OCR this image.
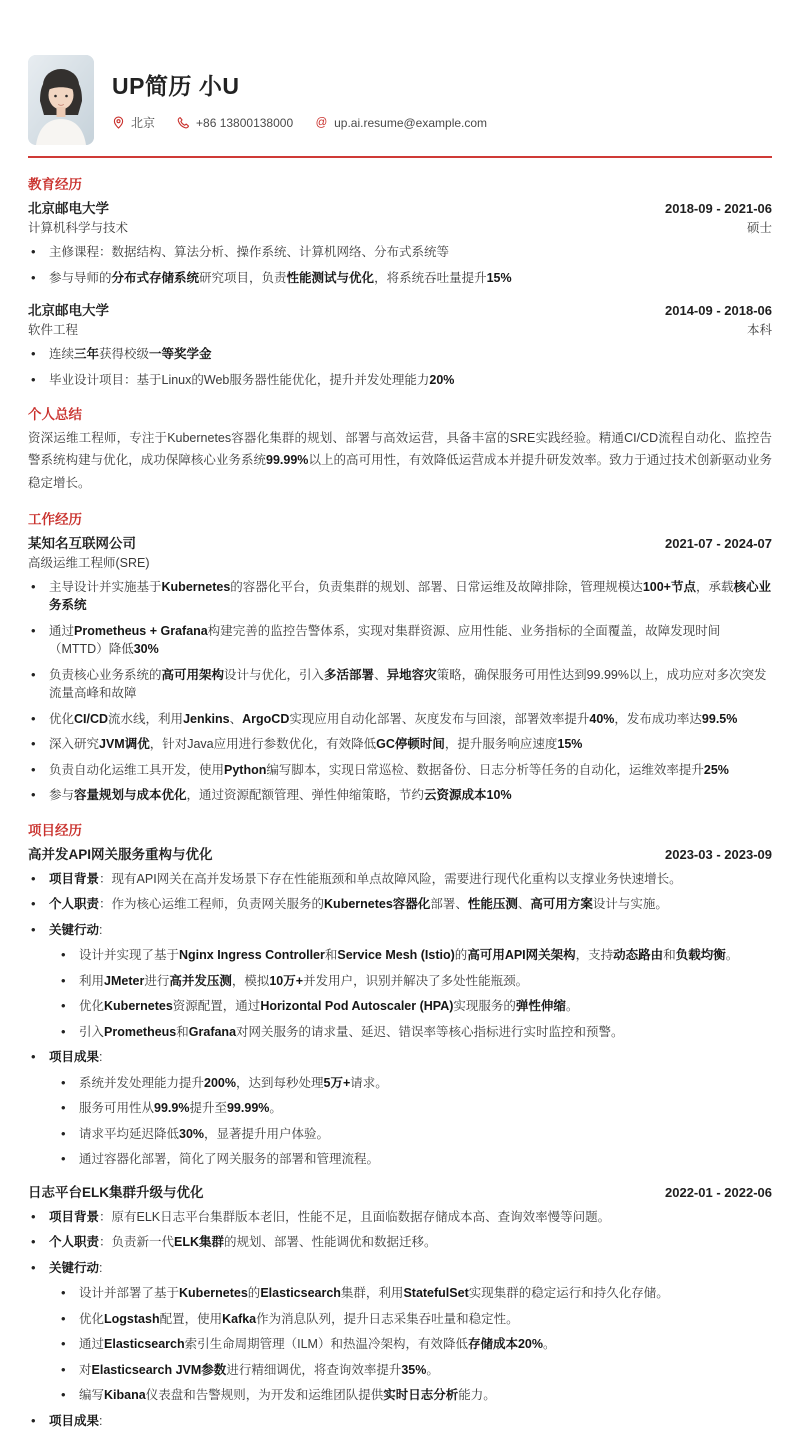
UP简历 小U
北京	+86 13800138000 @ up.ai.resume@example.com
教育经历
北京邮电大学	2018-09 - 2021-06
计算机科学与技术	硕士
• 主修课程：数据结构、算法分析、操作系统、计算机网络、分布式系统等
• 参与导师的分布式存储系统研究项目，负责性能测试与优化，将系统吞吐量提升15%
北京邮电大学	2014-09 - 2018-06
软件工程	本科
• 连续三年获得校级一等奖学金
• 毕业设计项目：基于Linux的Web服务器性能优化，提升并发处理能力20%
个人总结

资深运维工程师，专注于Kubernetes容器化集群的规划、部署与高效运营，具备丰富的SRE实践经验。精通CI/CD流程自动化、监控告警系统构建与优化，成功保障核心业务系统99.99%以上的高可用性，有效降低运营成本并提升研发效率。致力于通过技术创新驱动业务稳定增长。

工作经历
某知名互联网公司	2021-07 - 2024-07
高级运维工程师(SRE)
• 主导设计并实施基于Kubernetes的容器化平台，负责集群的规划、部署、日常运维及故障排除，管理规模达100+节点，承载核心业务系统
• 通过Prometheus + Grafana构建完善的监控告警体系，实现对集群资源、应用性能、业务指标的全面覆盖，故障发现时间（MTTD）降低30%
• 负责核心业务系统的高可用架构设计与优化，引入多活部署、异地容灾策略，确保服务可用性达到99.99%以上，成功应对多次突发流量高峰和故障
• 优化CI/CD流水线，利用Jenkins、ArgoCD实现应用自动化部署、灰度发布与回滚，部署效率提升40%，发布成功率达99.5%
• 深入研究JVM调优，针对Java应用进行参数优化，有效降低GC停顿时间，提升服务响应速度15%
• 负责自动化运维工具开发，使用Python编写脚本，实现日常巡检、数据备份、日志分析等任务的自动化，运维效率提升25%
• 参与容量规划与成本优化，通过资源配额管理、弹性伸缩策略，节约云资源成本10%
项目经历
高并发API网关服务重构与优化	2023-03 - 2023-09
• 项目背景：现有API网关在高并发场景下存在性能瓶颈和单点故障风险，需要进行现代化重构以支撑业务快速增长。
• 个人职责：作为核心运维工程师，负责网关服务的Kubernetes容器化部署、性能压测、高可用方案设计与实施。
• 关键行动:
• 设计并实现了基于Nginx Ingress Controller和Service Mesh (Istio)的高可用API网关架构，支持动态路由和负载均衡。
• 利用JMeter进行高并发压测，模拟10万+并发用户，识别并解决了多处性能瓶颈。
• 优化Kubernetes资源配置，通过Horizontal Pod Autoscaler (HPA)实现服务的弹性伸缩。
• 引入Prometheus和Grafana对网关服务的请求量、延迟、错误率等核心指标进行实时监控和预警。
• 项目成果:
• 系统并发处理能力提升200%，达到每秒处理5万+请求。
• 服务可用性从99.9%提升至99.99%。
• 请求平均延迟降低30%，显著提升用户体验。
• 通过容器化部署，简化了网关服务的部署和管理流程。
日志平台ELK集群升级与优化	2022-01 - 2022-06
• 项目背景：原有ELK日志平台集群版本老旧，性能不足，且面临数据存储成本高、查询效率慢等问题。
• 个人职责：负责新一代ELK集群的规划、部署、性能调优和数据迁移。
• 关键行动:
• 设计并部署了基于Kubernetes的Elasticsearch集群，利用StatefulSet实现集群的稳定运行和持久化存储。
• 优化Logstash配置，使用Kafka作为消息队列，提升日志采集吞吐量和稳定性。
• 通过Elasticsearch索引生命周期管理（ILM）和热温冷架构，有效降低存储成本20%。
• 对Elasticsearch JVM参数进行精细调优，将查询效率提升35%。
• 编写Kibana仪表盘和告警规则，为开发和运维团队提供实时日志分析能力。
• 项目成果:
